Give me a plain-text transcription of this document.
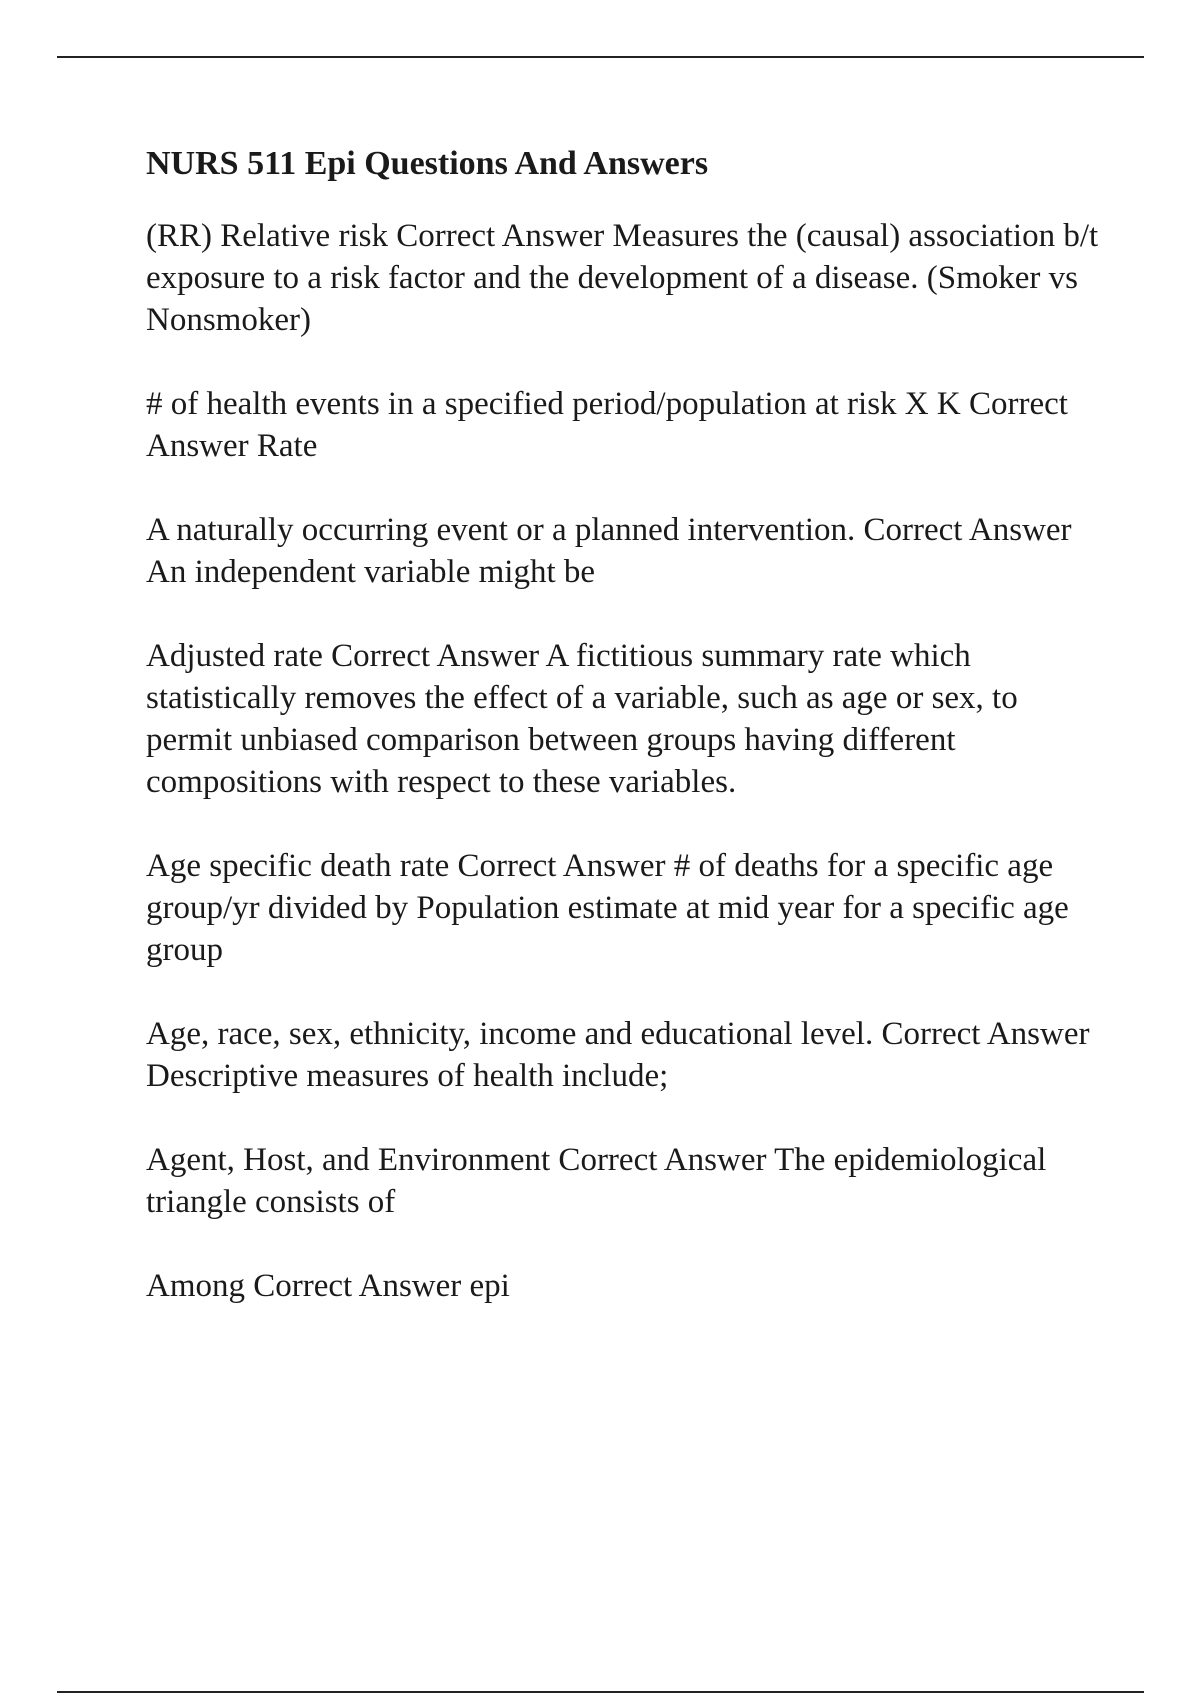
NURS 511 Epi Questions And Answers
(RR) Relative risk Correct Answer Measures the (causal) association b/t exposure to a risk factor and the development of a disease. (Smoker vs Nonsmoker)
# of health events in a specified period/population at risk X K Correct Answer Rate
A naturally occurring event or a planned intervention. Correct Answer An independent variable might be
Adjusted rate Correct Answer A fictitious summary rate which statistically removes the effect of a variable, such as age or sex, to permit unbiased comparison between groups having different compositions with respect to these variables.
Age specific death rate Correct Answer # of deaths for a specific age group/yr divided by Population estimate at mid year for a specific age group
Age, race, sex, ethnicity, income and educational level. Correct Answer Descriptive measures of health include;
Agent, Host, and Environment Correct Answer The epidemiological triangle consists of
Among Correct Answer epi
